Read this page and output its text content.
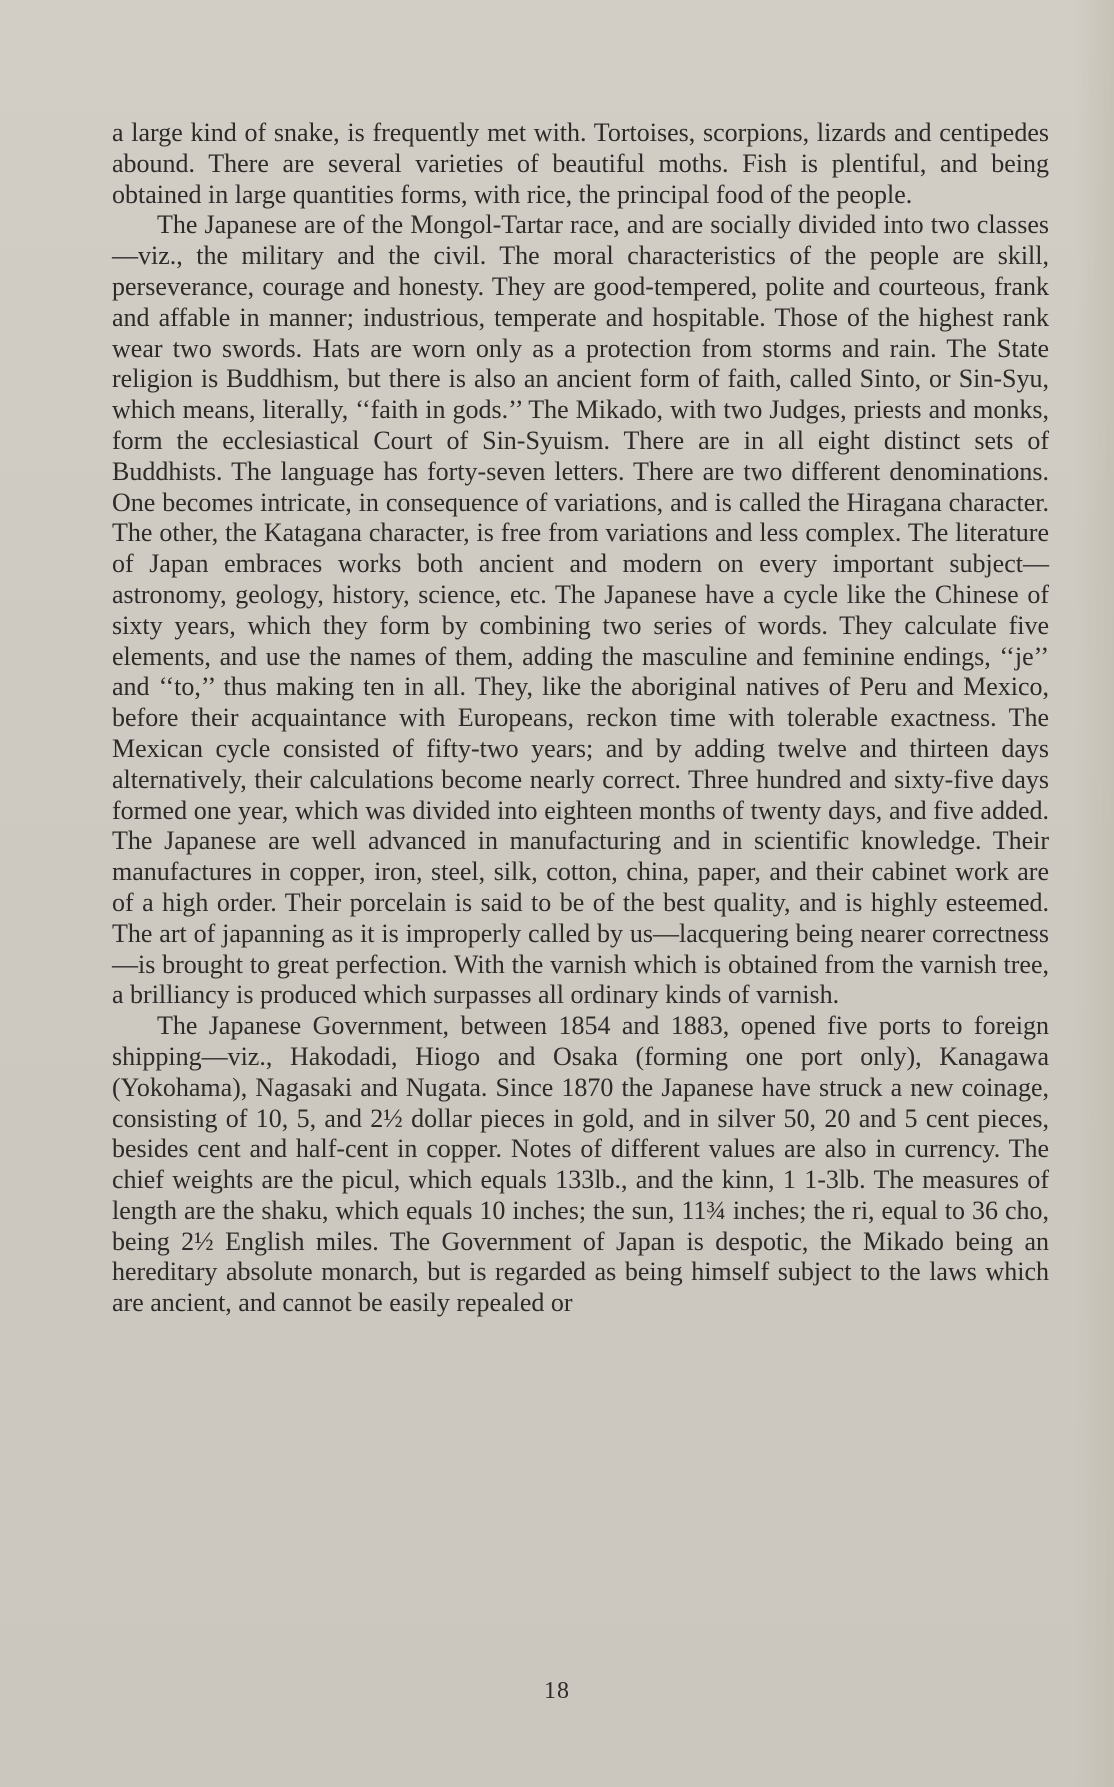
a large kind of snake, is frequently met with. Tortoises, scorpions, lizards and centipedes abound. There are several varieties of beautiful moths. Fish is plentiful, and being obtained in large quantities forms, with rice, the principal food of the people.

The Japanese are of the Mongol-Tartar race, and are socially divided into two classes—viz., the military and the civil. The moral characteristics of the people are skill, perseverance, courage and honesty. They are good-tempered, polite and courteous, frank and affable in manner; industrious, temperate and hospitable. Those of the highest rank wear two swords. Hats are worn only as a protection from storms and rain. The State religion is Buddhism, but there is also an ancient form of faith, called Sinto, or Sin-Syu, which means, literally, ‘‘faith in gods.’’ The Mikado, with two Judges, priests and monks, form the ecclesiastical Court of Sin-Syuism. There are in all eight distinct sets of Buddhists. The language has forty-seven letters. There are two different denominations. One becomes intricate, in consequence of variations, and is called the Hiragana character. The other, the Katagana character, is free from variations and less complex. The literature of Japan embraces works both ancient and modern on every important subject—astronomy, geology, history, science, etc. The Japanese have a cycle like the Chinese of sixty years, which they form by combining two series of words. They calculate five elements, and use the names of them, adding the masculine and feminine endings, ‘‘je’’ and ‘‘to,’’ thus making ten in all. They, like the aboriginal natives of Peru and Mexico, before their acquaintance with Europeans, reckon time with tolerable exactness. The Mexican cycle consisted of fifty-two years; and by adding twelve and thirteen days alternatively, their calculations become nearly correct. Three hundred and sixty-five days formed one year, which was divided into eighteen months of twenty days, and five added. The Japanese are well advanced in manufacturing and in scientific knowledge. Their manufactures in copper, iron, steel, silk, cotton, china, paper, and their cabinet work are of a high order. Their porcelain is said to be of the best quality, and is highly esteemed. The art of japanning as it is improperly called by us—lacquering being nearer correctness—is brought to great perfection. With the varnish which is obtained from the varnish tree, a brilliancy is produced which surpasses all ordinary kinds of varnish.

The Japanese Government, between 1854 and 1883, opened five ports to foreign shipping—viz., Hakodadi, Hiogo and Osaka (forming one port only), Kanagawa (Yokohama), Nagasaki and Nugata. Since 1870 the Japanese have struck a new coinage, consisting of 10, 5, and 2½ dollar pieces in gold, and in silver 50, 20 and 5 cent pieces, besides cent and half-cent in copper. Notes of different values are also in currency. The chief weights are the picul, which equals 133lb., and the kinn, 1 1-3lb. The measures of length are the shaku, which equals 10 inches; the sun, 11¾ inches; the ri, equal to 36 cho, being 2½ English miles. The Government of Japan is despotic, the Mikado being an hereditary absolute monarch, but is regarded as being himself subject to the laws which are ancient, and cannot be easily repealed or

18
